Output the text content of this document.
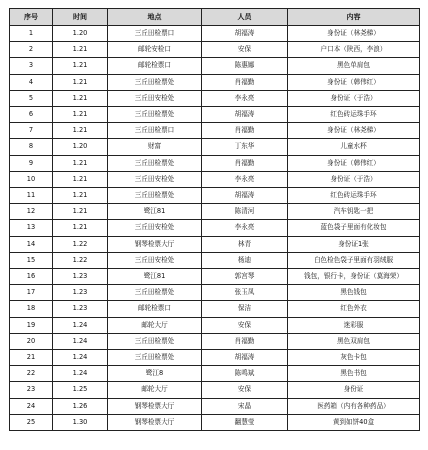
序号	时间	地点	人员	内容
1	1.20	三丘田检票口	胡福涛	身份证（林尧梯）
2	1.21	邮轮安检口	安保	户口本（陕西，李浪）
3	1.21	邮轮检票口	陈惠娜	黑色单肩包
4	1.21	三丘田检票处	肖福勤	身份证（韩伟红）
5	1.21	三丘田安检处	李永亮	身份证（于浩）
6	1.21	三丘田检票处	胡福涛	红色砖运珠手环
7	1.21	三丘田检票口	肖福勤	身份证（林尧梯）
8	1.20	财富	丁东华	儿童水杯
9	1.21	三丘田检票处	肖福勤	身份证（韩伟红）
10	1.21	三丘田安检处	李永亮	身份证（于浩）
11	1.21	三丘田检票处	胡福涛	红色砖运珠手环
12	1.21	鹭江81	陈清河	汽车钥匙一把
13	1.21	三丘田安检处	李永亮	蓝色袋子里面有化妆包
14	1.22	钢琴检票大厅	林青	身份证1张
15	1.22	三丘田安检处	杨迪	白色检色袋子里面有羽绒服
16	1.23	鹭江81	郭宫琴	钱包，银行卡，身份证（莫海荣）
17	1.23	三丘田检票处	张玉凤	黑色钱包
18	1.23	邮轮检票口	保洁	红色外衣
19	1.24	邮轮大厅	安保	迷彩服
20	1.24	三丘田检票处	肖福勤	黑色双肩包
21	1.24	三丘田检票处	胡福涛	灰色卡包
22	1.24	鹭江8	陈鸣斌	黑色书包
23	1.25	邮轮大厅	安保	身份证
24	1.26	钢琴检票大厅	宋晶	医药箱（内有各种药品）
25	1.30	钢琴检票大厅	翻慧莹	黄到如饼40盒
